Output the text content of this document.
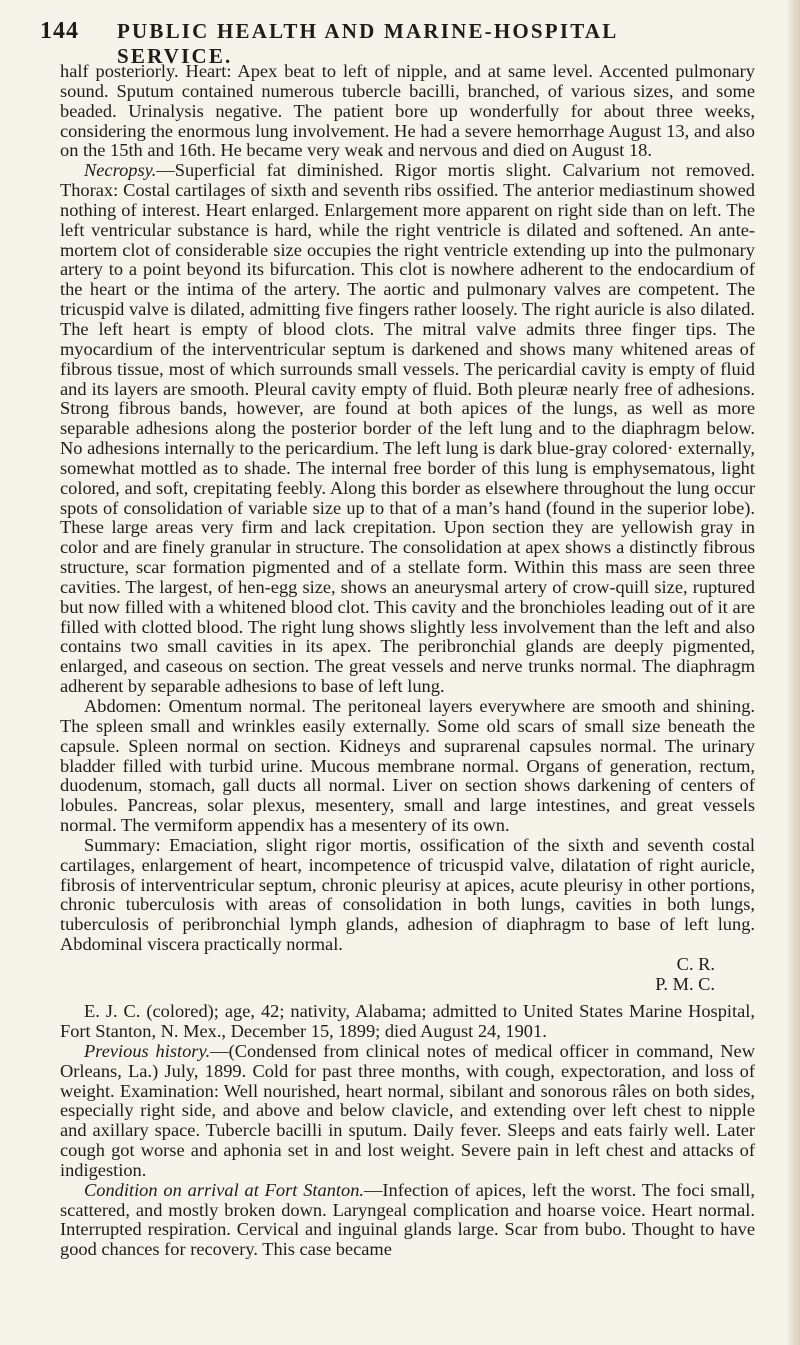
144 PUBLIC HEALTH AND MARINE-HOSPITAL SERVICE.

half posteriorly. Heart: Apex beat to left of nipple, and at same level. Accented pulmonary sound. Sputum contained numerous tubercle bacilli, branched, of various sizes, and some beaded. Urinalysis negative. The patient bore up wonderfully for about three weeks, considering the enormous lung involvement. He had a severe hemorrhage August 13, and also on the 15th and 16th. He became very weak and nervous and died on August 18.

Necropsy.—Superficial fat diminished. Rigor mortis slight. Calvarium not removed. Thorax: Costal cartilages of sixth and seventh ribs ossified. The anterior mediastinum showed nothing of interest. Heart enlarged. Enlargement more apparent on right side than on left. The left ventricular substance is hard, while the right ventricle is dilated and softened. An ante-mortem clot of considerable size occupies the right ventricle extending up into the pulmonary artery to a point beyond its bifurcation. This clot is nowhere adherent to the endocardium of the heart or the intima of the artery. The aortic and pulmonary valves are competent. The tricuspid valve is dilated, admitting five fingers rather loosely. The right auricle is also dilated. The left heart is empty of blood clots. The mitral valve admits three finger tips. The myocardium of the interventricular septum is darkened and shows many whitened areas of fibrous tissue, most of which surrounds small vessels. The pericardial cavity is empty of fluid and its layers are smooth. Pleural cavity empty of fluid. Both pleuræ nearly free of adhesions. Strong fibrous bands, however, are found at both apices of the lungs, as well as more separable adhesions along the posterior border of the left lung and to the diaphragm below. No adhesions internally to the pericardium. The left lung is dark blue-gray colored· externally, somewhat mottled as to shade. The internal free border of this lung is emphysematous, light colored, and soft, crepitating feebly. Along this border as elsewhere throughout the lung occur spots of consolidation of variable size up to that of a man’s hand (found in the superior lobe). These large areas very firm and lack crepitation. Upon section they are yellowish gray in color and are finely granular in structure. The consolidation at apex shows a distinctly fibrous structure, scar formation pigmented and of a stellate form. Within this mass are seen three cavities. The largest, of hen-egg size, shows an aneurysmal artery of crow-quill size, ruptured but now filled with a whitened blood clot. This cavity and the bronchioles leading out of it are filled with clotted blood. The right lung shows slightly less involvement than the left and also contains two small cavities in its apex. The peribronchial glands are deeply pigmented, enlarged, and caseous on section. The great vessels and nerve trunks normal. The diaphragm adherent by separable adhesions to base of left lung.

Abdomen: Omentum normal. The peritoneal layers everywhere are smooth and shining. The spleen small and wrinkles easily externally. Some old scars of small size beneath the capsule. Spleen normal on section. Kidneys and suprarenal capsules normal. The urinary bladder filled with turbid urine. Mucous membrane normal. Organs of generation, rectum, duodenum, stomach, gall ducts all normal. Liver on section shows darkening of centers of lobules. Pancreas, solar plexus, mesentery, small and large intestines, and great vessels normal. The vermiform appendix has a mesentery of its own.

Summary: Emaciation, slight rigor mortis, ossification of the sixth and seventh costal cartilages, enlargement of heart, incompetence of tricuspid valve, dilatation of right auricle, fibrosis of interventricular septum, chronic pleurisy at apices, acute pleurisy in other portions, chronic tuberculosis with areas of consolidation in both lungs, cavities in both lungs, tuberculosis of peribronchial lymph glands, adhesion of diaphragm to base of left lung. Abdominal viscera practically normal.

C. R.

P. M. C.

E. J. C. (colored); age, 42; nativity, Alabama; admitted to United States Marine Hospital, Fort Stanton, N. Mex., December 15, 1899; died August 24, 1901.

Previous history.—(Condensed from clinical notes of medical officer in command, New Orleans, La.) July, 1899. Cold for past three months, with cough, expectoration, and loss of weight. Examination: Well nourished, heart normal, sibilant and sonorous râles on both sides, especially right side, and above and below clavicle, and extending over left chest to nipple and axillary space. Tubercle bacilli in sputum. Daily fever. Sleeps and eats fairly well. Later cough got worse and aphonia set in and lost weight. Severe pain in left chest and attacks of indigestion.

Condition on arrival at Fort Stanton.—Infection of apices, left the worst. The foci small, scattered, and mostly broken down. Laryngeal complication and hoarse voice. Heart normal. Interrupted respiration. Cervical and inguinal glands large. Scar from bubo. Thought to have good chances for recovery. This case became
